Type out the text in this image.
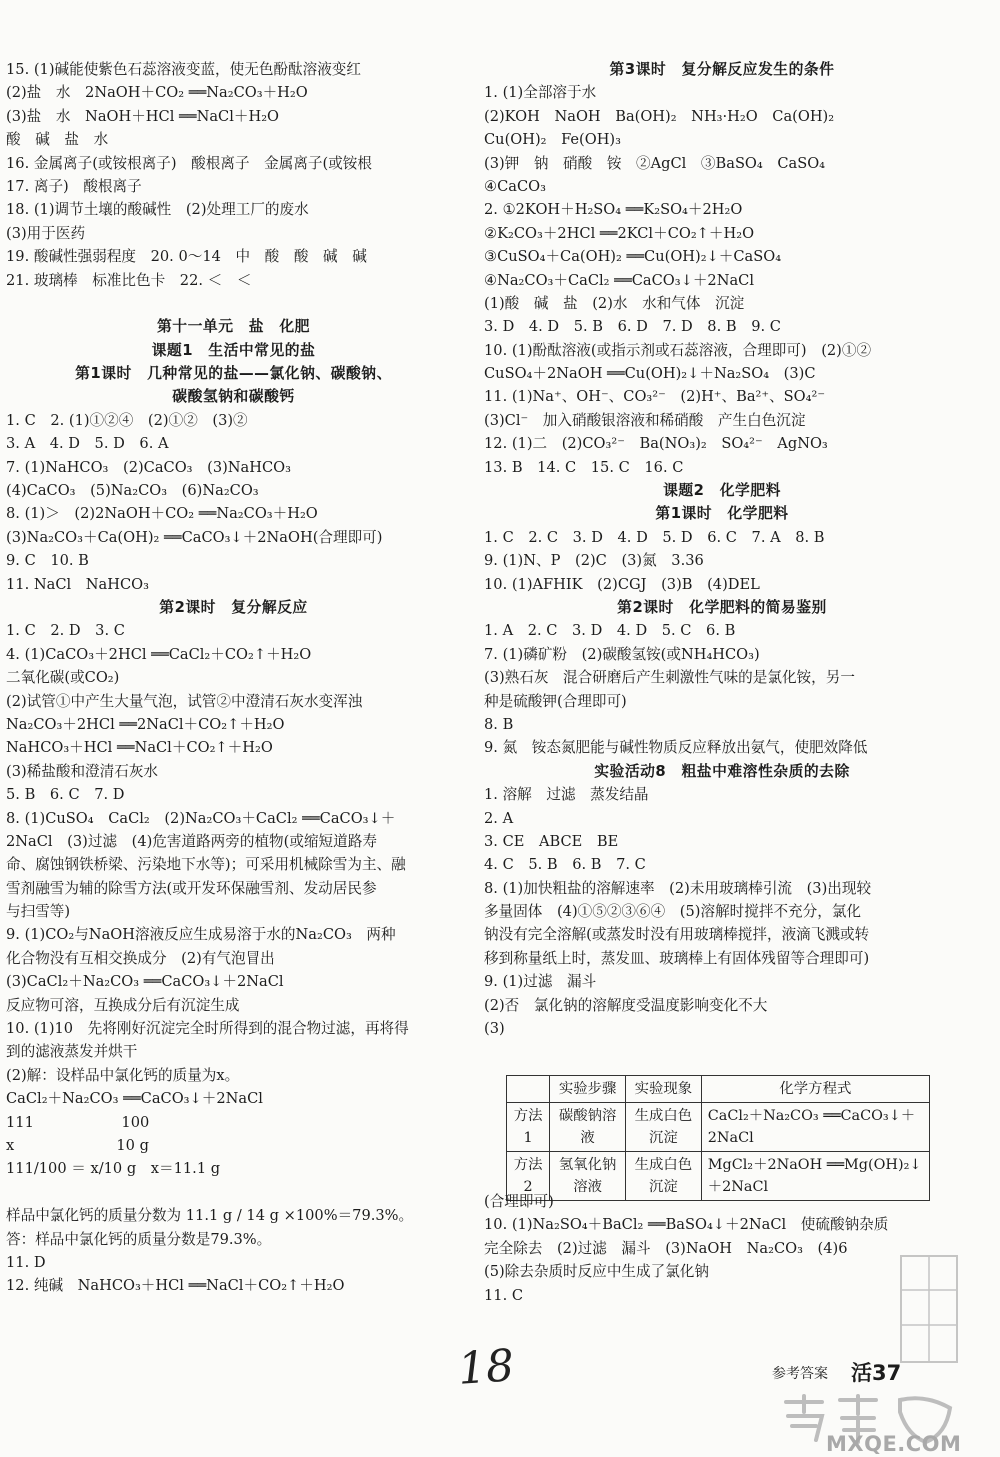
15. (1)碱能使紫色石蕊溶液变蓝，使无色酚酞溶液变红
(2)盐　水　2NaOH＋CO₂ ══Na₂CO₃＋H₂O
(3)盐　水　NaOH＋HCl ══NaCl＋H₂O
酸　碱　盐　水
16. 金属离子(或铵根离子)　酸根离子　金属离子(或铵根
17. 离子)　酸根离子
18. (1)调节土壤的酸碱性　(2)处理工厂的废水
(3)用于医药
19. 酸碱性强弱程度　20. 0～14　中　酸　酸　碱　碱
21. 玻璃棒　标准比色卡　22. ＜　＜
第十一单元　盐　化肥
课题1　生活中常见的盐
第1课时　几种常见的盐——氯化钠、碳酸钠、
碳酸氢钠和碳酸钙
1. C　2. (1)①②④　(2)①②　(3)②
3. A　4. D　5. D　6. A
7. (1)NaHCO₃　(2)CaCO₃　(3)NaHCO₃
(4)CaCO₃　(5)Na₂CO₃　(6)Na₂CO₃
8. (1)＞　(2)2NaOH＋CO₂ ══Na₂CO₃＋H₂O
(3)Na₂CO₃＋Ca(OH)₂ ══CaCO₃↓＋2NaOH(合理即可)
9. C　10. B
11. NaCl　NaHCO₃
第2课时　复分解反应
1. C　2. D　3. C
4. (1)CaCO₃＋2HCl ══CaCl₂＋CO₂↑＋H₂O
二氧化碳(或CO₂)
(2)试管①中产生大量气泡，试管②中澄清石灰水变浑浊
Na₂CO₃＋2HCl ══2NaCl＋CO₂↑＋H₂O
NaHCO₃＋HCl ══NaCl＋CO₂↑＋H₂O
(3)稀盐酸和澄清石灰水
5. B　6. C　7. D
8. (1)CuSO₄　CaCl₂　(2)Na₂CO₃＋CaCl₂ ══CaCO₃↓＋
2NaCl　(3)过滤　(4)危害道路两旁的植物(或缩短道路寿
命、腐蚀钢铁桥梁、污染地下水等)；可采用机械除雪为主、融
雪剂融雪为辅的除雪方法(或开发环保融雪剂、发动居民参
与扫雪等)
9. (1)CO₂与NaOH溶液反应生成易溶于水的Na₂CO₃　两种
化合物没有互相交换成分　(2)有气泡冒出
(3)CaCl₂＋Na₂CO₃ ══CaCO₃↓＋2NaCl
反应物可溶，互换成分后有沉淀生成
10. (1)10　先将刚好沉淀完全时所得到的混合物过滤，再将得
到的滤液蒸发并烘干
(2)解：设样品中氯化钙的质量为x。
CaCl₂＋Na₂CO₃ ══CaCO₃↓＋2NaCl
111　　　　　　100
x　　　　　　　10 g
111/100 ＝ x/10 g　x＝11.1 g
样品中氯化钙的质量分数为 11.1 g / 14 g ×100%＝79.3%。
答：样品中氯化钙的质量分数是79.3%。
11. D
12. 纯碱　NaHCO₃＋HCl ══NaCl＋CO₂↑＋H₂O
第3课时　复分解反应发生的条件
1. (1)全部溶于水
(2)KOH　NaOH　Ba(OH)₂　NH₃·H₂O　Ca(OH)₂
Cu(OH)₂　Fe(OH)₃
(3)钾　钠　硝酸　铵　②AgCl　③BaSO₄　CaSO₄
④CaCO₃
2. ①2KOH＋H₂SO₄ ══K₂SO₄＋2H₂O
②K₂CO₃＋2HCl ══2KCl＋CO₂↑＋H₂O
③CuSO₄＋Ca(OH)₂ ══Cu(OH)₂↓＋CaSO₄
④Na₂CO₃＋CaCl₂ ══CaCO₃↓＋2NaCl
(1)酸　碱　盐　(2)水　水和气体　沉淀
3. D　4. D　5. B　6. D　7. D　8. B　9. C
10. (1)酚酞溶液(或指示剂或石蕊溶液，合理即可)　(2)①②
CuSO₄＋2NaOH ══Cu(OH)₂↓＋Na₂SO₄　(3)C
11. (1)Na⁺、OH⁻、CO₃²⁻　(2)H⁺、Ba²⁺、SO₄²⁻
(3)Cl⁻　加入硝酸银溶液和稀硝酸　产生白色沉淀
12. (1)二　(2)CO₃²⁻　Ba(NO₃)₂　SO₄²⁻　AgNO₃
13. B　14. C　15. C　16. C
课题2　化学肥料
第1课时　化学肥料
1. C　2. C　3. D　4. D　5. D　6. C　7. A　8. B
9. (1)N、P　(2)C　(3)氮　3.36
10. (1)AFHIK　(2)CGJ　(3)B　(4)DEL
第2课时　化学肥料的简易鉴别
1. A　2. C　3. D　4. D　5. C　6. B
7. (1)磷矿粉　(2)碳酸氢铵(或NH₄HCO₃)
(3)熟石灰　混合研磨后产生刺激性气味的是氯化铵，另一
种是硫酸钾(合理即可)
8. B
9. 氮　铵态氮肥能与碱性物质反应释放出氨气，使肥效降低
实验活动8　粗盐中难溶性杂质的去除
1. 溶解　过滤　蒸发结晶
2. A
3. CE　ABCE　BE
4. C　5. B　6. B　7. C
8. (1)加快粗盐的溶解速率　(2)未用玻璃棒引流　(3)出现较
多量固体　(4)①⑤②③⑥④　(5)溶解时搅拌不充分，氯化
钠没有完全溶解(或蒸发时没有用玻璃棒搅拌，液滴飞溅或转
移到称量纸上时，蒸发皿、玻璃棒上有固体残留等合理即可)
9. (1)过滤　漏斗
(2)否　氯化钠的溶解度受温度影响变化不大
(3)
	实验步骤	实验现象	化学方程式
方法1	碳酸钠溶液	生成白色沉淀	CaCl₂＋Na₂CO₃ ══CaCO₃↓＋2NaCl
方法2	氢氧化钠溶液	生成白色沉淀	MgCl₂＋2NaOH ══Mg(OH)₂↓＋2NaCl
(合理即可)
10. (1)Na₂SO₄＋BaCl₂ ══BaSO₄↓＋2NaCl　使硫酸钠杂质
完全除去　(2)过滤　漏斗　(3)NaOH　Na₂CO₃　(4)6
(5)除去杂质时反应中生成了氯化钠
11. C
18	参考答案 活37
MXQE.COM
